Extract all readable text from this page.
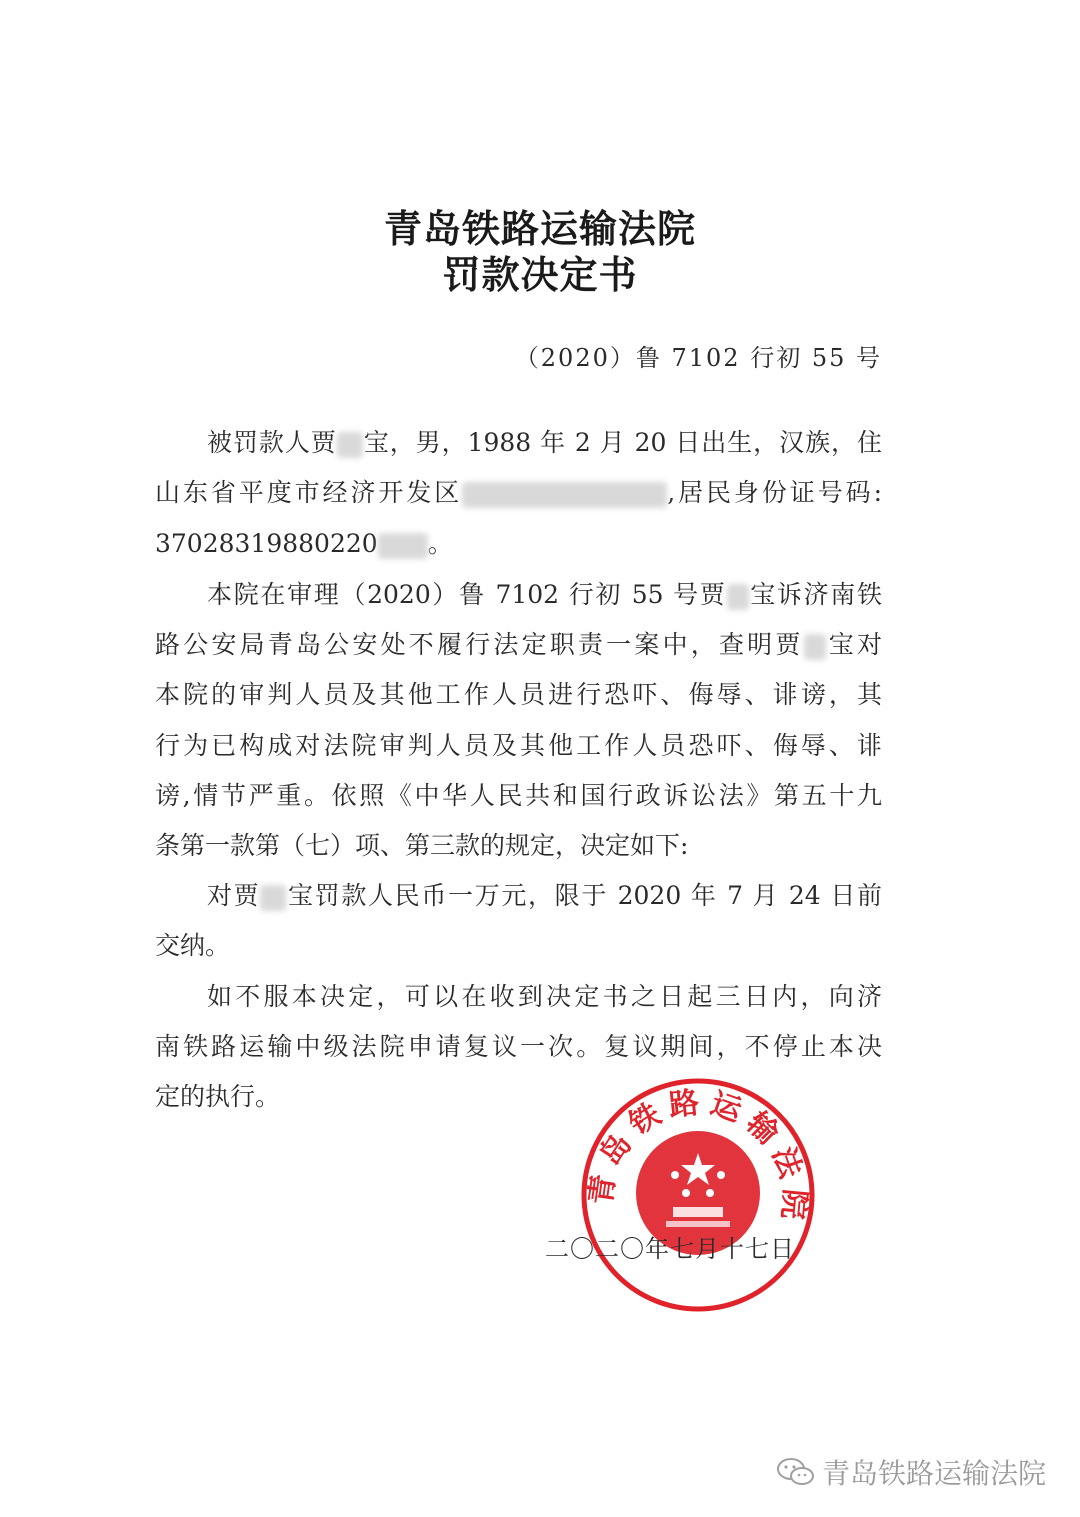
青岛铁路运输法院
罚款决定书
（2020）鲁 7102 行初 55 号
被罚款人贾 宝，男，1988 年 2 月 20 日出生，汉族，住
山东省平度市经济开发区	,居民身份证号码:
37028319880220 。
本院在审理（2020）鲁 7102 行初 55 号贾 宝诉济南铁
路公安局青岛公安处不履行法定职责一案中，查明贾 宝对
本院的审判人员及其他工作人员进行恐吓、侮辱、诽谤，其
行为已构成对法院审判人员及其他工作人员恐吓、侮辱、诽
谤,情节严重。依照《中华人民共和国行政诉讼法》第五十九
条第一款第（七）项、第三款的规定，决定如下:
对贾 宝罚款人民币一万元，限于 2020 年 7 月 24 日前
交纳。
如不服本决定，可以在收到决定书之日起三日内，向济
南铁路运输中级法院申请复议一次。复议期间，不停止本决
定的执行。
青岛铁路运输法院
二〇二〇年七月十七日
青岛铁路运输法院
